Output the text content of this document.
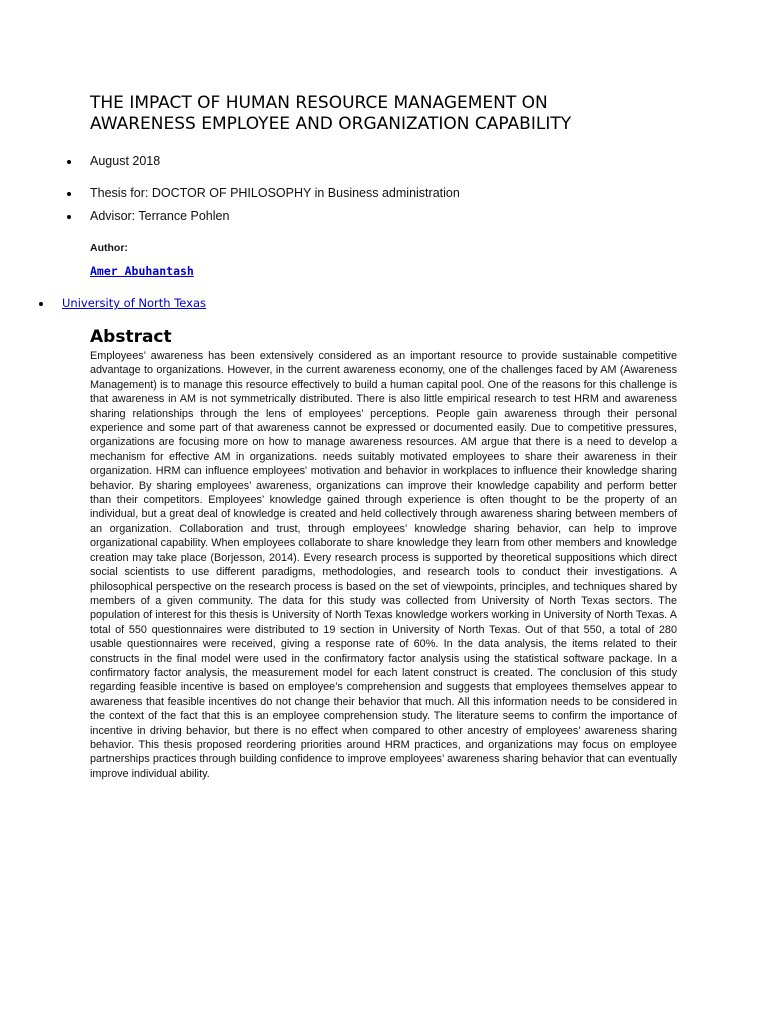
THE IMPACT OF HUMAN RESOURCE MANAGEMENT ON
AWARENESS EMPLOYEE AND ORGANIZATION CAPABILITY
August 2018
Thesis for: DOCTOR OF PHILOSOPHY in Business administration
Advisor: Terrance Pohlen
Author:
Amer Abuhantash
University of North Texas
Abstract

Employees’ awareness has been extensively considered as an important resource to provide sustainable competitive advantage to organizations. However, in the current awareness economy, one of the challenges faced by AM (Awareness Management) is to manage this resource effectively to build a human capital pool. One of the reasons for this challenge is that awareness in AM is not symmetrically distributed. There is also little empirical research to test HRM and awareness sharing relationships through the lens of employees’ perceptions. People gain awareness through their personal experience and some part of that awareness cannot be expressed or documented easily. Due to competitive pressures, organizations are focusing more on how to manage awareness resources. AM argue that there is a need to develop a mechanism for effective AM in organizations. needs suitably motivated employees to share their awareness in their organization. HRM can influence employees' motivation and behavior in workplaces to influence their knowledge sharing behavior. By sharing employees’ awareness, organizations can improve their knowledge capability and perform better than their competitors. Employees’ knowledge gained through experience is often thought to be the property of an individual, but a great deal of knowledge is created and held collectively through awareness sharing between members of an organization. Collaboration and trust, through employees’ knowledge sharing behavior, can help to improve organizational capability. When employees collaborate to share knowledge they learn from other members and knowledge creation may take place (Borjesson, 2014). Every research process is supported by theoretical suppositions which direct social scientists to use different paradigms, methodologies, and research tools to conduct their investigations. A philosophical perspective on the research process is based on the set of viewpoints, principles, and techniques shared by members of a given community. The data for this study was collected from University of North Texas sectors. The population of interest for this thesis is University of North Texas knowledge workers working in University of North Texas. A total of 550 questionnaires were distributed to 19 section in University of North Texas. Out of that 550, a total of 280 usable questionnaires were received, giving a response rate of 60%. In the data analysis, the items related to their constructs in the final model were used in the confirmatory factor analysis using the statistical software package. In a confirmatory factor analysis, the measurement model for each latent construct is created. The conclusion of this study regarding feasible incentive is based on employee’s comprehension and suggests that employees themselves appear to awareness that feasible incentives do not change their behavior that much. All this information needs to be considered in the context of the fact that this is an employee comprehension study. The literature seems to confirm the importance of incentive in driving behavior, but there is no effect when compared to other ancestry of employees’ awareness sharing behavior. This thesis proposed reordering priorities around HRM practices, and organizations may focus on employee partnerships practices through building confidence to improve employees’ awareness sharing behavior that can eventually improve individual ability.
